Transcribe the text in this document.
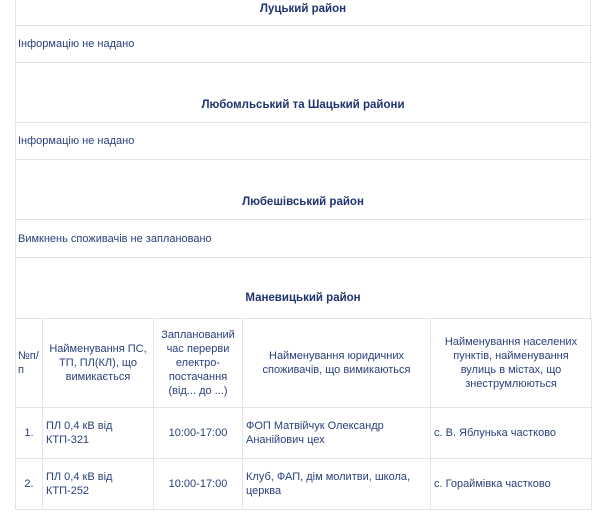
Луцький район
Інформацію не надано
Любомльський та Шацький райони
Інформацію не надано
Любешівський район
Вимкнень споживачів не заплановано
Маневицький район
№п/п	Найменування ПС, ТП, ПЛ(КЛ), що вимикається	Запланований час перерви електро-постачання (від... до ...)	Найменування юридичних споживачів, що вимикаються	Найменування населених пунктів, найменування вулиць в містах, що знеструмлюються
1.	ПЛ 0,4 кВ від КТП-321	10:00-17:00	ФОП Матвійчук Олександр Ананійович цех	с. В. Яблунька частково
2.	ПЛ 0,4 кВ від КТП-252	10:00-17:00	Клуб, ФАП, дім молитви, школа, церква	с. Гораймівка частково
